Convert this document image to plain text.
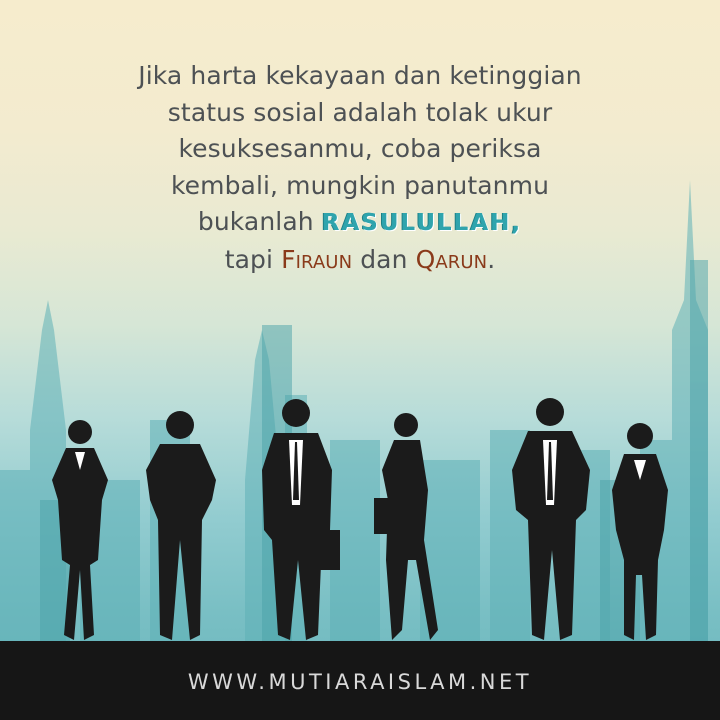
Jika harta kekayaan dan ketinggian
status sosial adalah tolak ukur
kesuksesanmu, coba periksa
kembali, mungkin panutanmu
bukanlah RASULULLAH,
tapi Firaun dan Qarun.
WWW.MUTIARAISLAM.NET
